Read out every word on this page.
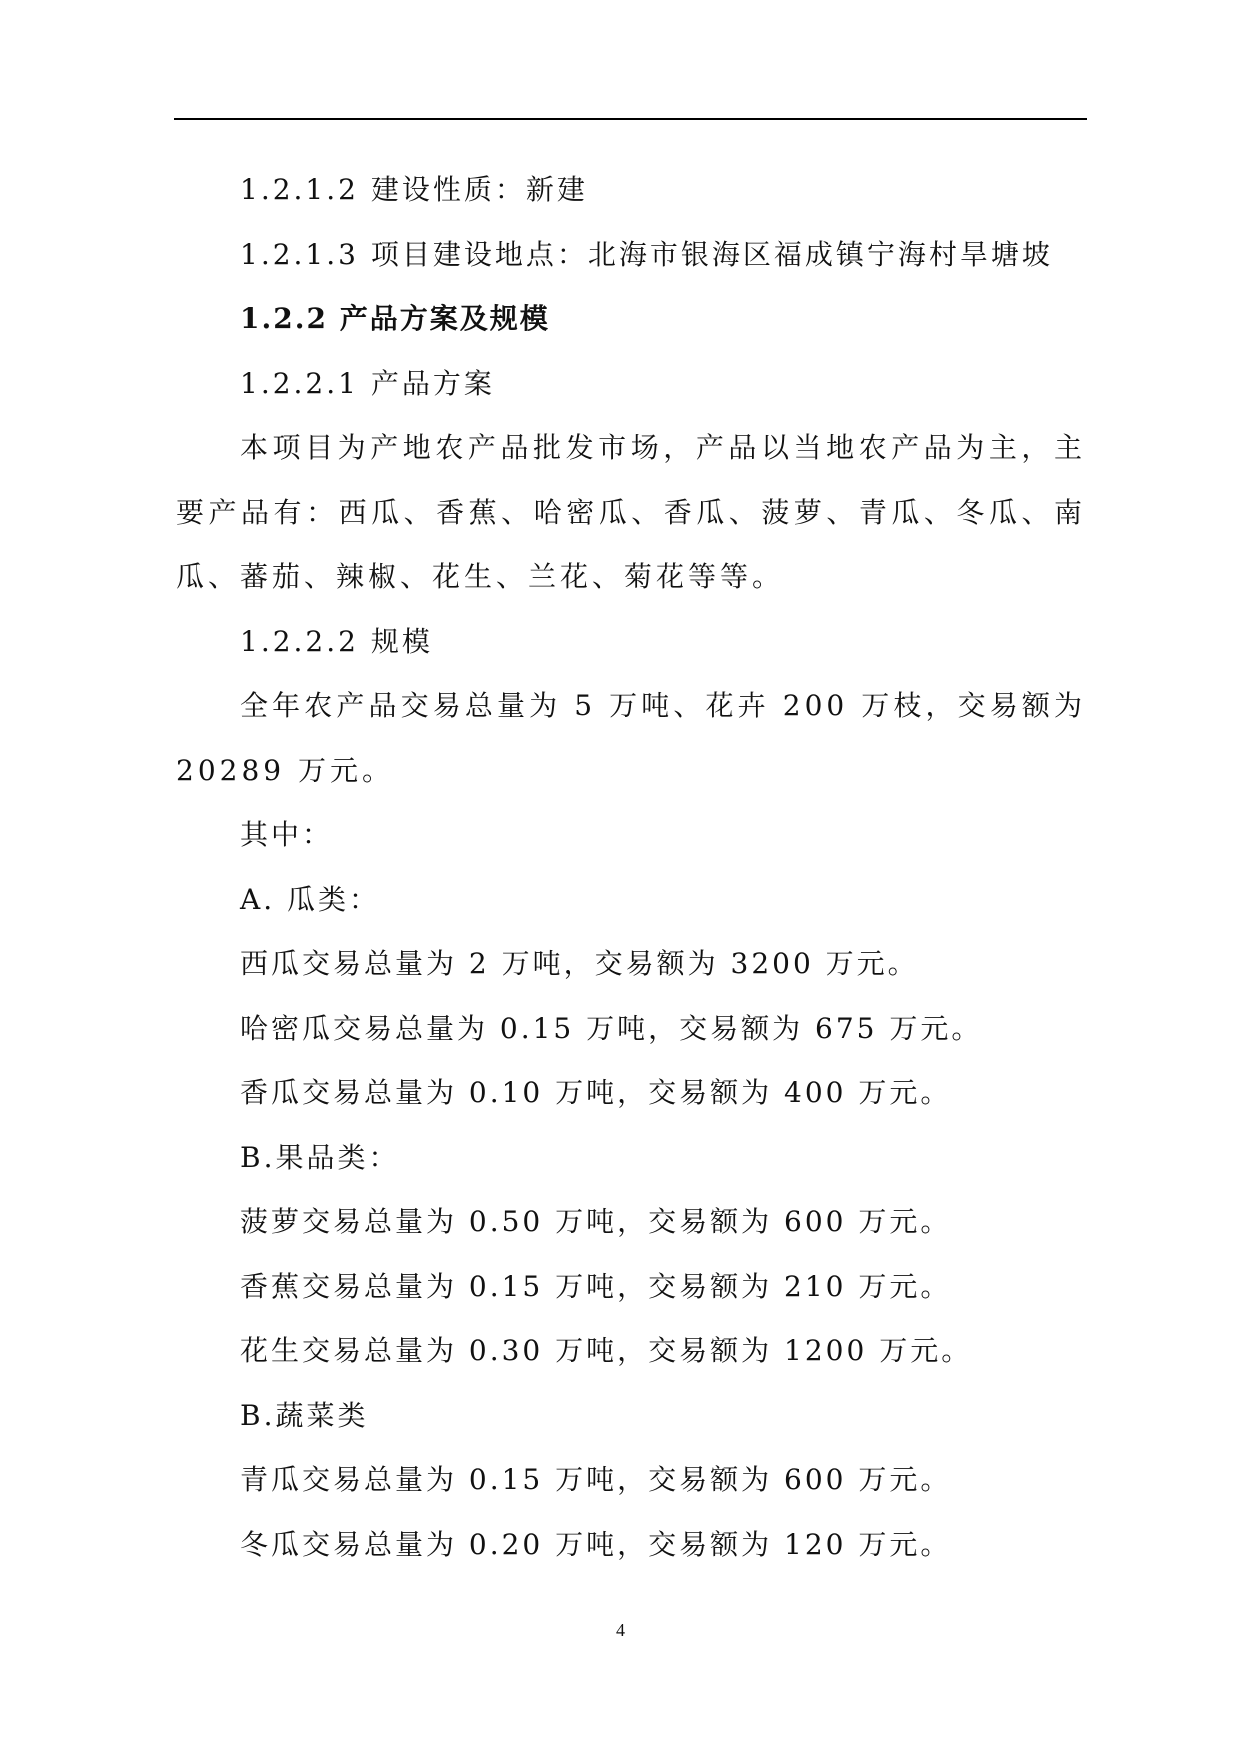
1.2.1.2 建设性质：新建
1.2.1.3 项目建设地点：北海市银海区福成镇宁海村旱塘坡
1.2.2 产品方案及规模
1.2.2.1 产品方案
本项目为产地农产品批发市场，产品以当地农产品为主，主要产品有：西瓜、香蕉、哈密瓜、香瓜、菠萝、青瓜、冬瓜、南瓜、蕃茄、辣椒、花生、兰花、菊花等等。
1.2.2.2 规模
全年农产品交易总量为 5 万吨、花卉 200 万枝，交易额为 20289 万元。
其中：
A. 瓜类：
西瓜交易总量为 2 万吨，交易额为 3200 万元。
哈密瓜交易总量为 0.15 万吨，交易额为 675 万元。
香瓜交易总量为 0.10 万吨，交易额为 400 万元。
B.果品类：
菠萝交易总量为 0.50 万吨，交易额为 600 万元。
香蕉交易总量为 0.15 万吨，交易额为 210 万元。
花生交易总量为 0.30 万吨，交易额为 1200 万元。
B.蔬菜类
青瓜交易总量为 0.15 万吨，交易额为 600 万元。
冬瓜交易总量为 0.20 万吨，交易额为 120 万元。
4
